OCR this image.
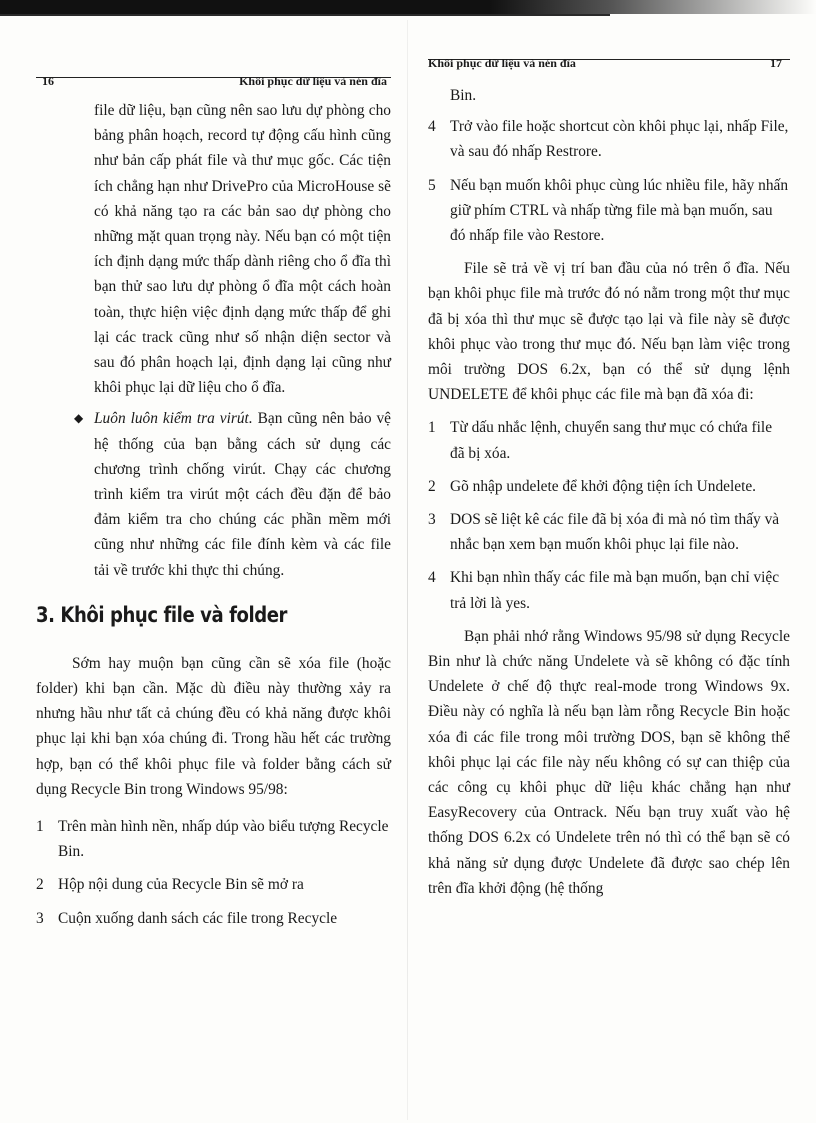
16	Khôi phục dữ liệu và nén đĩa

file dữ liệu, bạn cũng nên sao lưu dự phòng cho bảng phân hoạch, record tự động cấu hình cũng như bản cấp phát file và thư mục gốc. Các tiện ích chẳng hạn như DrivePro của MicroHouse sẽ có khả năng tạo ra các bản sao dự phòng cho những mặt quan trọng này. Nếu bạn có một tiện ích định dạng mức thấp dành riêng cho ổ đĩa thì bạn thử sao lưu dự phòng ổ đĩa một cách hoàn toàn, thực hiện việc định dạng mức thấp để ghi lại các track cũng như số nhận diện sector và sau đó phân hoạch lại, định dạng lại cũng như khôi phục lại dữ liệu cho ổ đĩa.

◆ Luôn luôn kiểm tra virút. Bạn cũng nên bảo vệ hệ thống của bạn bằng cách sử dụng các chương trình chống virút. Chạy các chương trình kiểm tra virút một cách đều đặn để bảo đảm kiểm tra cho chúng các phần mềm mới cũng như những các file đính kèm và các file tải về trước khi thực thi chúng.
3. Khôi phục file và folder

Sớm hay muộn bạn cũng cần sẽ xóa file (hoặc folder) khi bạn cần. Mặc dù điều này thường xảy ra nhưng hầu như tất cả chúng đều có khả năng được khôi phục lại khi bạn xóa chúng đi. Trong hầu hết các trường hợp, bạn có thể khôi phục file và folder bằng cách sử dụng Recycle Bin trong Windows 95/98:

1 Trên màn hình nền, nhấp dúp vào biểu tượng Recycle Bin.
2 Hộp nội dung của Recycle Bin sẽ mở ra
3 Cuộn xuống danh sách các file trong Recycle
Khôi phục dữ liệu và nén đĩa	17

Bin.

4 Trở vào file hoặc shortcut còn khôi phục lại, nhấp File, và sau đó nhấp Restrore.
5 Nếu bạn muốn khôi phục cùng lúc nhiều file, hãy nhấn giữ phím CTRL và nhấp từng file mà bạn muốn, sau đó nhấp file vào Restore.

File sẽ trả về vị trí ban đầu của nó trên ổ đĩa. Nếu bạn khôi phục file mà trước đó nó nằm trong một thư mục đã bị xóa thì thư mục sẽ được tạo lại và file này sẽ được khôi phục vào trong thư mục đó. Nếu bạn làm việc trong môi trường DOS 6.2x, bạn có thể sử dụng lệnh UNDELETE để khôi phục các file mà bạn đã xóa đi:

1 Từ dấu nhắc lệnh, chuyển sang thư mục có chứa file đã bị xóa.
2 Gõ nhập undelete để khởi động tiện ích Undelete.
3 DOS sẽ liệt kê các file đã bị xóa đi mà nó tìm thấy và nhắc bạn xem bạn muốn khôi phục lại file nào.
4 Khi bạn nhìn thấy các file mà bạn muốn, bạn chỉ việc trả lời là yes.

Bạn phải nhớ rằng Windows 95/98 sử dụng Recycle Bin như là chức năng Undelete và sẽ không có đặc tính Undelete ở chế độ thực real-mode trong Windows 9x. Điều này có nghĩa là nếu bạn làm rỗng Recycle Bin hoặc xóa đi các file trong môi trường DOS, bạn sẽ không thể khôi phục lại các file này nếu không có sự can thiệp của các công cụ khôi phục dữ liệu khác chẳng hạn như EasyRecovery của Ontrack. Nếu bạn truy xuất vào hệ thống DOS 6.2x có Undelete trên nó thì có thể bạn sẽ có khả năng sử dụng được Undelete đã được sao chép lên trên đĩa khởi động (hệ thống
